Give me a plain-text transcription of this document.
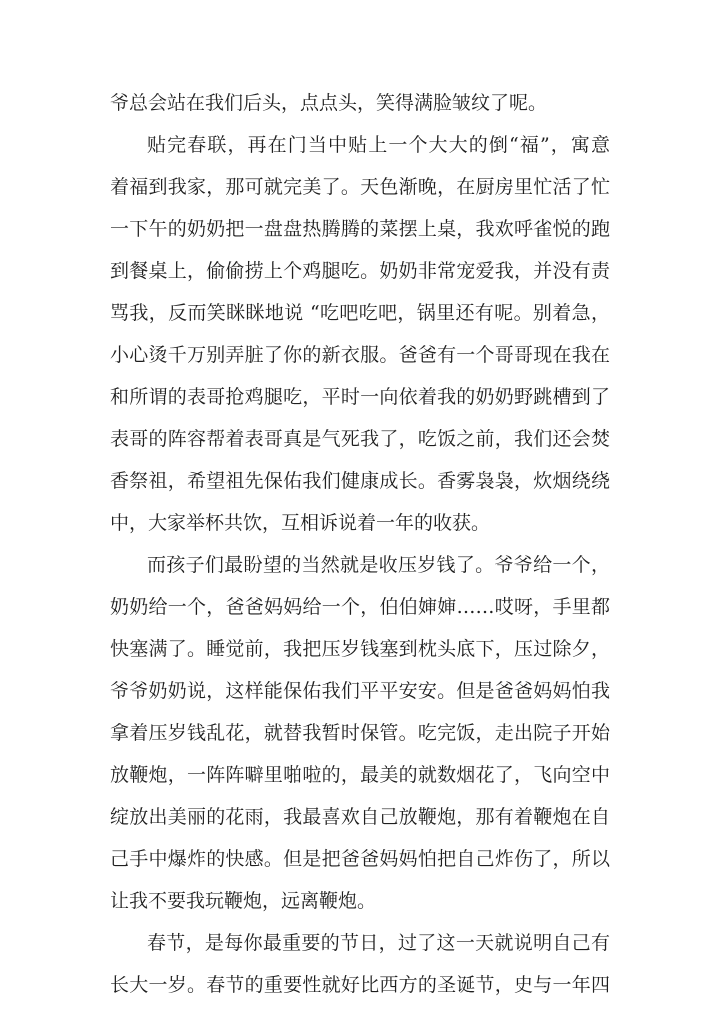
爷总会站在我们后头，点点头，笑得满脸皱纹了呢。
贴完春联，再在门当中贴上一个大大的倒“福”，寓意
着福到我家，那可就完美了。天色渐晚，在厨房里忙活了忙
一下午的奶奶把一盘盘热腾腾的菜摆上桌，我欢呼雀悦的跑
到餐桌上，偷偷捞上个鸡腿吃。奶奶非常宠爱我，并没有责
骂我，反而笑眯眯地说 “吃吧吃吧，锅里还有呢。别着急，
小心烫千万别弄脏了你的新衣服。爸爸有一个哥哥现在我在
和所谓的表哥抢鸡腿吃，平时一向依着我的奶奶野跳槽到了
表哥的阵容帮着表哥真是气死我了，吃饭之前，我们还会焚
香祭祖，希望祖先保佑我们健康成长。香雾袅袅，炊烟绕绕
中，大家举杯共饮，互相诉说着一年的收获。
而孩子们最盼望的当然就是收压岁钱了。爷爷给一个，
奶奶给一个，爸爸妈妈给一个，伯伯婶婶……哎呀，手里都
快塞满了。睡觉前，我把压岁钱塞到枕头底下，压过除夕，
爷爷奶奶说，这样能保佑我们平平安安。但是爸爸妈妈怕我
拿着压岁钱乱花，就替我暂时保管。吃完饭，走出院子开始
放鞭炮，一阵阵噼里啪啦的，最美的就数烟花了，飞向空中
绽放出美丽的花雨，我最喜欢自己放鞭炮，那有着鞭炮在自
己手中爆炸的快感。但是把爸爸妈妈怕把自己炸伤了，所以
让我不要我玩鞭炮，远离鞭炮。
春节，是每你最重要的节日，过了这一天就说明自己有
长大一岁。春节的重要性就好比西方的圣诞节，史与一年四
